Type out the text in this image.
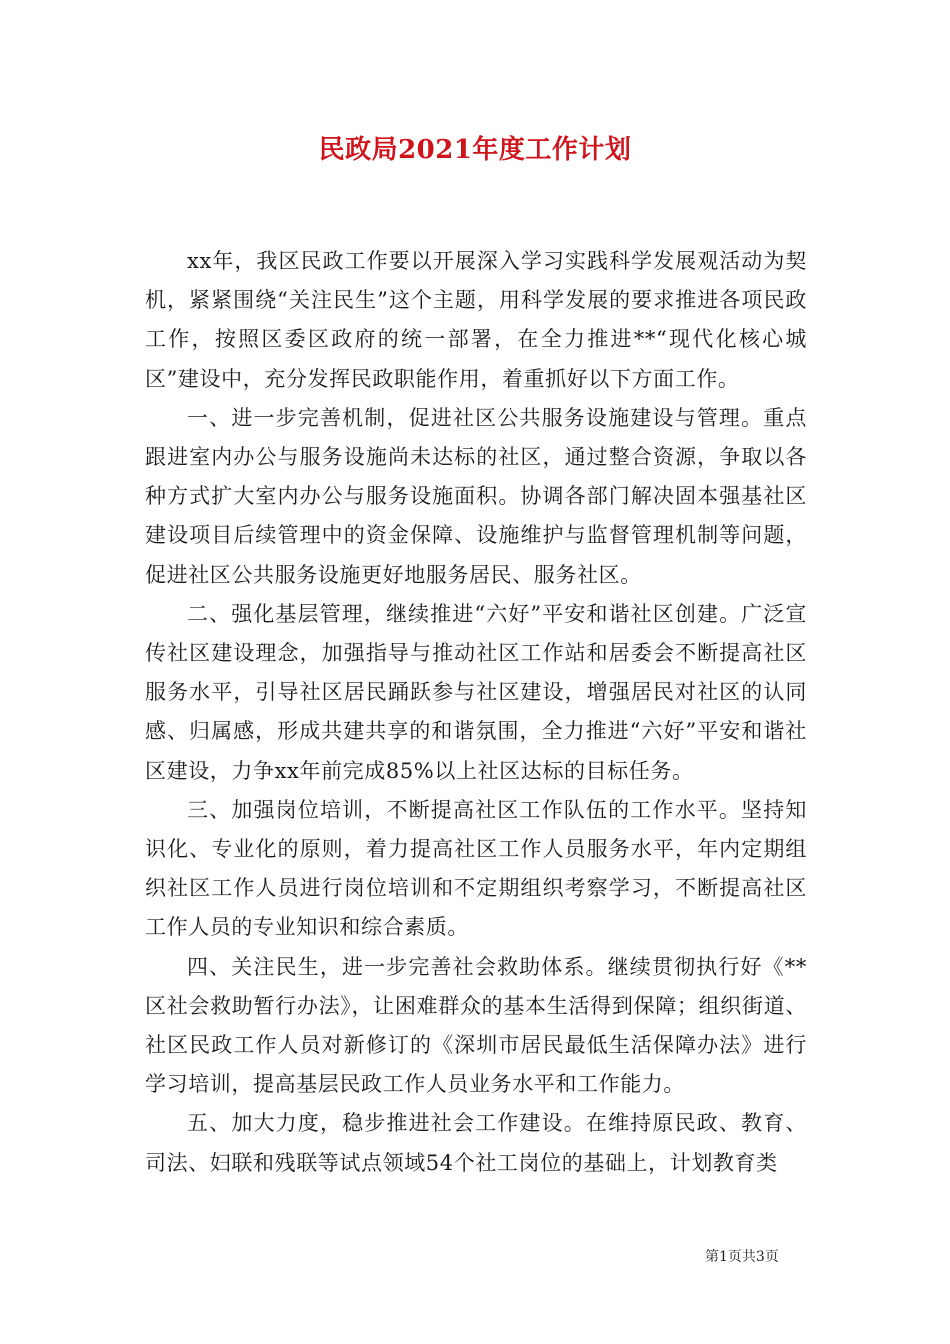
民政局2021年度工作计划

xx年，我区民政工作要以开展深入学习实践科学发展观活动为契机，紧紧围绕“关注民生”这个主题，用科学发展的要求推进各项民政工作，按照区委区政府的统一部署，在全力推进**“现代化核心城区”建设中，充分发挥民政职能作用，着重抓好以下方面工作。

一、进一步完善机制，促进社区公共服务设施建设与管理。重点跟进室内办公与服务设施尚未达标的社区，通过整合资源，争取以各种方式扩大室内办公与服务设施面积。协调各部门解决固本强基社区建设项目后续管理中的资金保障、设施维护与监督管理机制等问题，促进社区公共服务设施更好地服务居民、服务社区。

二、强化基层管理，继续推进“六好”平安和谐社区创建。广泛宣传社区建设理念，加强指导与推动社区工作站和居委会不断提高社区服务水平，引导社区居民踊跃参与社区建设，增强居民对社区的认同感、归属感，形成共建共享的和谐氛围，全力推进“六好”平安和谐社区建设，力争xx年前完成85%以上社区达标的目标任务。

三、加强岗位培训，不断提高社区工作队伍的工作水平。坚持知识化、专业化的原则，着力提高社区工作人员服务水平，年内定期组织社区工作人员进行岗位培训和不定期组织考察学习，不断提高社区工作人员的专业知识和综合素质。

四、关注民生，进一步完善社会救助体系。继续贯彻执行好《**区社会救助暂行办法》，让困难群众的基本生活得到保障；组织街道、社区民政工作人员对新修订的《深圳市居民最低生活保障办法》进行学习培训，提高基层民政工作人员业务水平和工作能力。

五、加大力度，稳步推进社会工作建设。在维持原民政、教育、司法、妇联和残联等试点领域54个社工岗位的基础上，计划教育类

第1页共3页
